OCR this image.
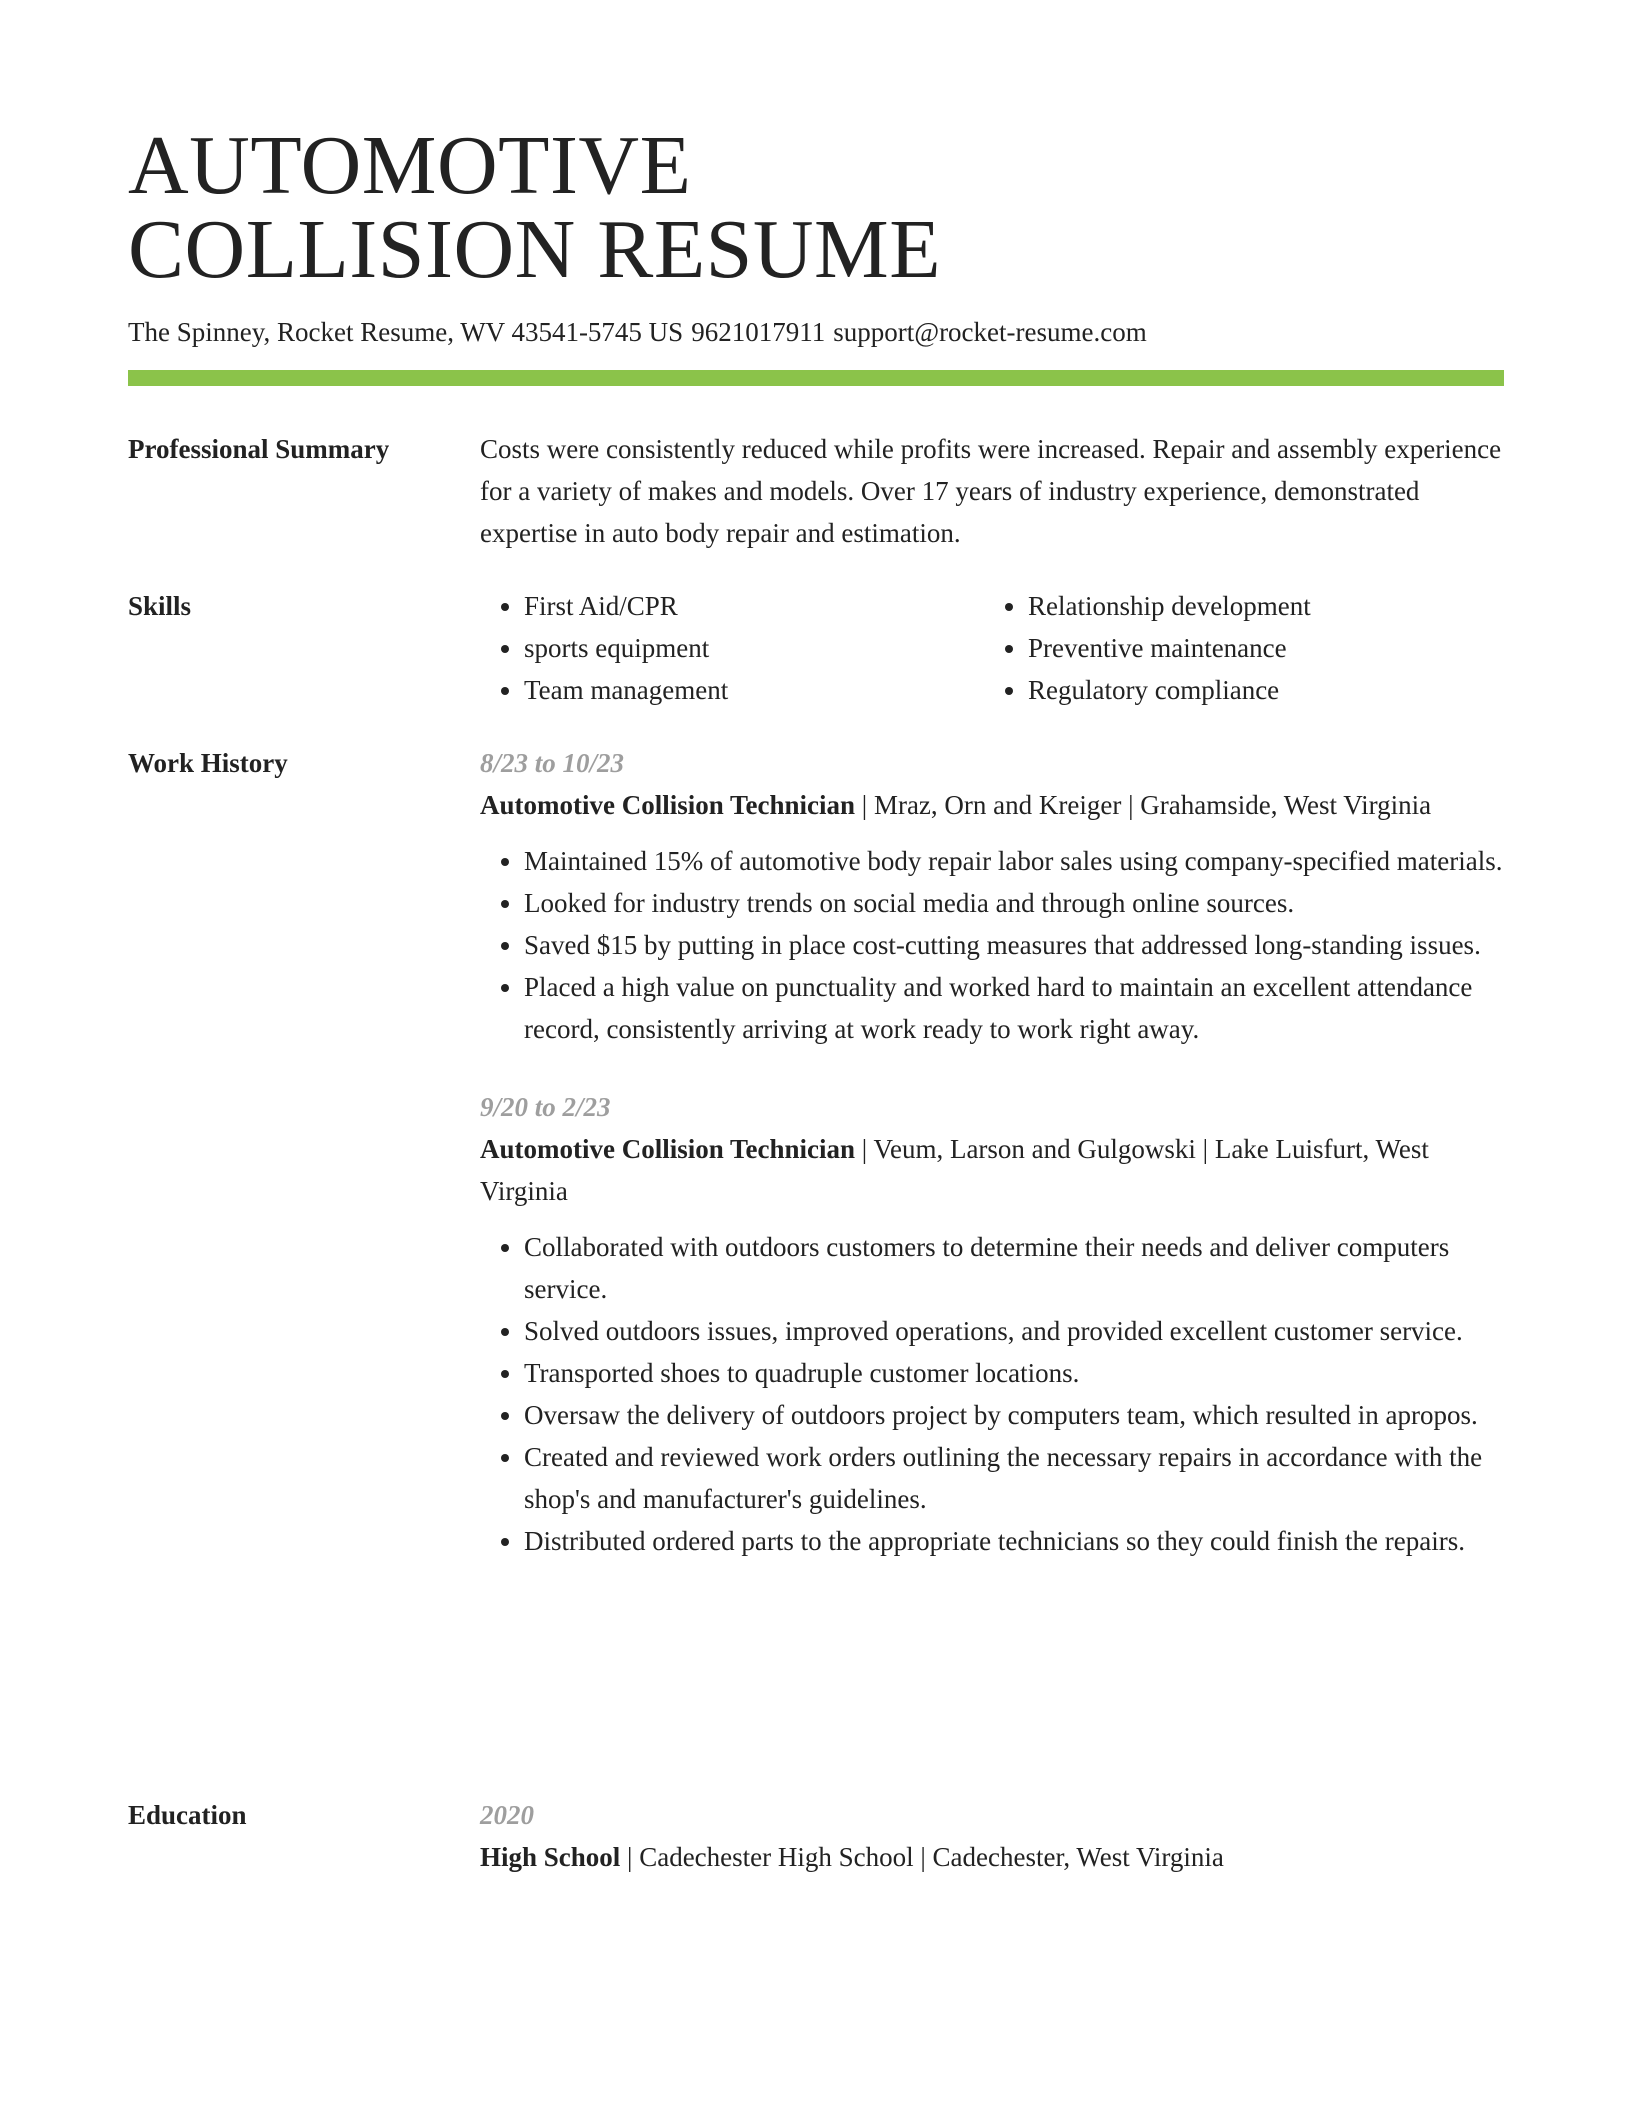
AUTOMOTIVE
COLLISION RESUME
The Spinney, Rocket Resume, WV 43541-5745 US 9621017911 support@rocket-resume.com
Professional Summary	Costs were consistently reduced while profits were increased. Repair and assembly experience for a variety of makes and models. Over 17 years of industry experience, demonstrated expertise in auto body repair and estimation.

Skills
•	First Aid/CPR
• sports equipment
• Team management
• Relationship development
• Preventive maintenance
• Regulatory compliance
Work History	8/23 to 10/23
Automotive Collision Technician | Mraz, Orn and Kreiger | Grahamside, West Virginia
• Maintained 15% of automotive body repair labor sales using company-specified materials.
• Looked for industry trends on social media and through online sources.
• Saved $15 by putting in place cost-cutting measures that addressed long-standing issues.
• Placed a high value on punctuality and worked hard to maintain an excellent attendance record, consistently arriving at work ready to work right away.
9/20 to 2/23
Automotive Collision Technician | Veum, Larson and Gulgowski | Lake Luisfurt, West Virginia
• Collaborated with outdoors customers to determine their needs and deliver computers service.
• Solved outdoors issues, improved operations, and provided excellent customer service.
• Transported shoes to quadruple customer locations.
• Oversaw the delivery of outdoors project by computers team, which resulted in apropos.
• Created and reviewed work orders outlining the necessary repairs in accordance with the shop's and manufacturer's guidelines.
• Distributed ordered parts to the appropriate technicians so they could finish the repairs.
Education	2020
High School | Cadechester High School | Cadechester, West Virginia
